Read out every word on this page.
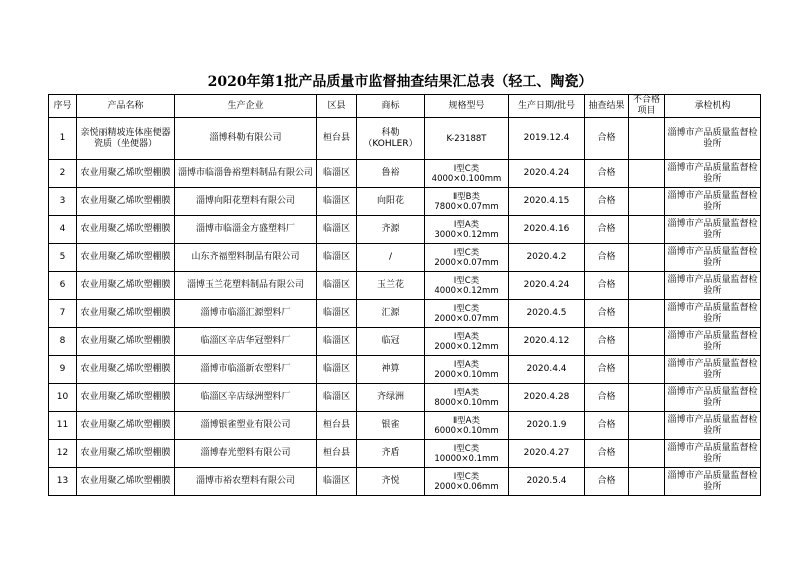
2020年第1批产品质量市监督抽查结果汇总表（轻工、陶瓷）
序号	产品名称	生产企业	区县	商标	规格型号	生产日期/批号	抽查结果	不合格项目	承检机构
1	亲悦丽精坡连体座便器瓷质（坐便器）	淄博科勒有限公司	桓台县	科勒（KOHLER）	K-23188T	2019.12.4	合格		淄博市产品质量监督检验所
2	农业用聚乙烯吹塑棚膜	淄博市临淄鲁裕塑料制品有限公司	临淄区	鲁裕	Ⅰ型C类4000×0.100mm	2020.4.24	合格		淄博市产品质量监督检验所
3	农业用聚乙烯吹塑棚膜	淄博向阳花塑料有限公司	临淄区	向阳花	Ⅱ型B类7800×0.07mm	2020.4.15	合格		淄博市产品质量监督检验所
4	农业用聚乙烯吹塑棚膜	淄博市临淄金方盛塑料厂	临淄区	齐源	Ⅰ型A类3000×0.12mm	2020.4.16	合格		淄博市产品质量监督检验所
5	农业用聚乙烯吹塑棚膜	山东齐福塑料制品有限公司	临淄区	/	Ⅰ型C类2000×0.07mm	2020.4.2	合格		淄博市产品质量监督检验所
6	农业用聚乙烯吹塑棚膜	淄博玉兰花塑料制品有限公司	临淄区	玉兰花	Ⅰ型C类4000×0.12mm	2020.4.24	合格		淄博市产品质量监督检验所
7	农业用聚乙烯吹塑棚膜	淄博市临淄汇源塑料厂	临淄区	汇源	Ⅰ型C类2000×0.07mm	2020.4.5	合格		淄博市产品质量监督检验所
8	农业用聚乙烯吹塑棚膜	临淄区辛店华冠塑料厂	临淄区	临冠	Ⅰ型A类2000×0.12mm	2020.4.12	合格		淄博市产品质量监督检验所
9	农业用聚乙烯吹塑棚膜	淄博市临淄新农塑料厂	临淄区	神算	Ⅰ型A类2000×0.10mm	2020.4.4	合格		淄博市产品质量监督检验所
10	农业用聚乙烯吹塑棚膜	临淄区辛店绿洲塑料厂	临淄区	齐绿洲	Ⅰ型A类8000×0.10mm	2020.4.28	合格		淄博市产品质量监督检验所
11	农业用聚乙烯吹塑棚膜	淄博银雀塑业有限公司	桓台县	银雀	Ⅱ型A类6000×0.10mm	2020.1.9	合格		淄博市产品质量监督检验所
12	农业用聚乙烯吹塑棚膜	淄博春光塑料有限公司	桓台县	齐盾	Ⅰ型C类10000×0.1mm	2020.4.27	合格		淄博市产品质量监督检验所
13	农业用聚乙烯吹塑棚膜	淄博市裕农塑料有限公司	临淄区	齐悦	Ⅰ型C类2000×0.06mm	2020.5.4	合格		淄博市产品质量监督检验所
